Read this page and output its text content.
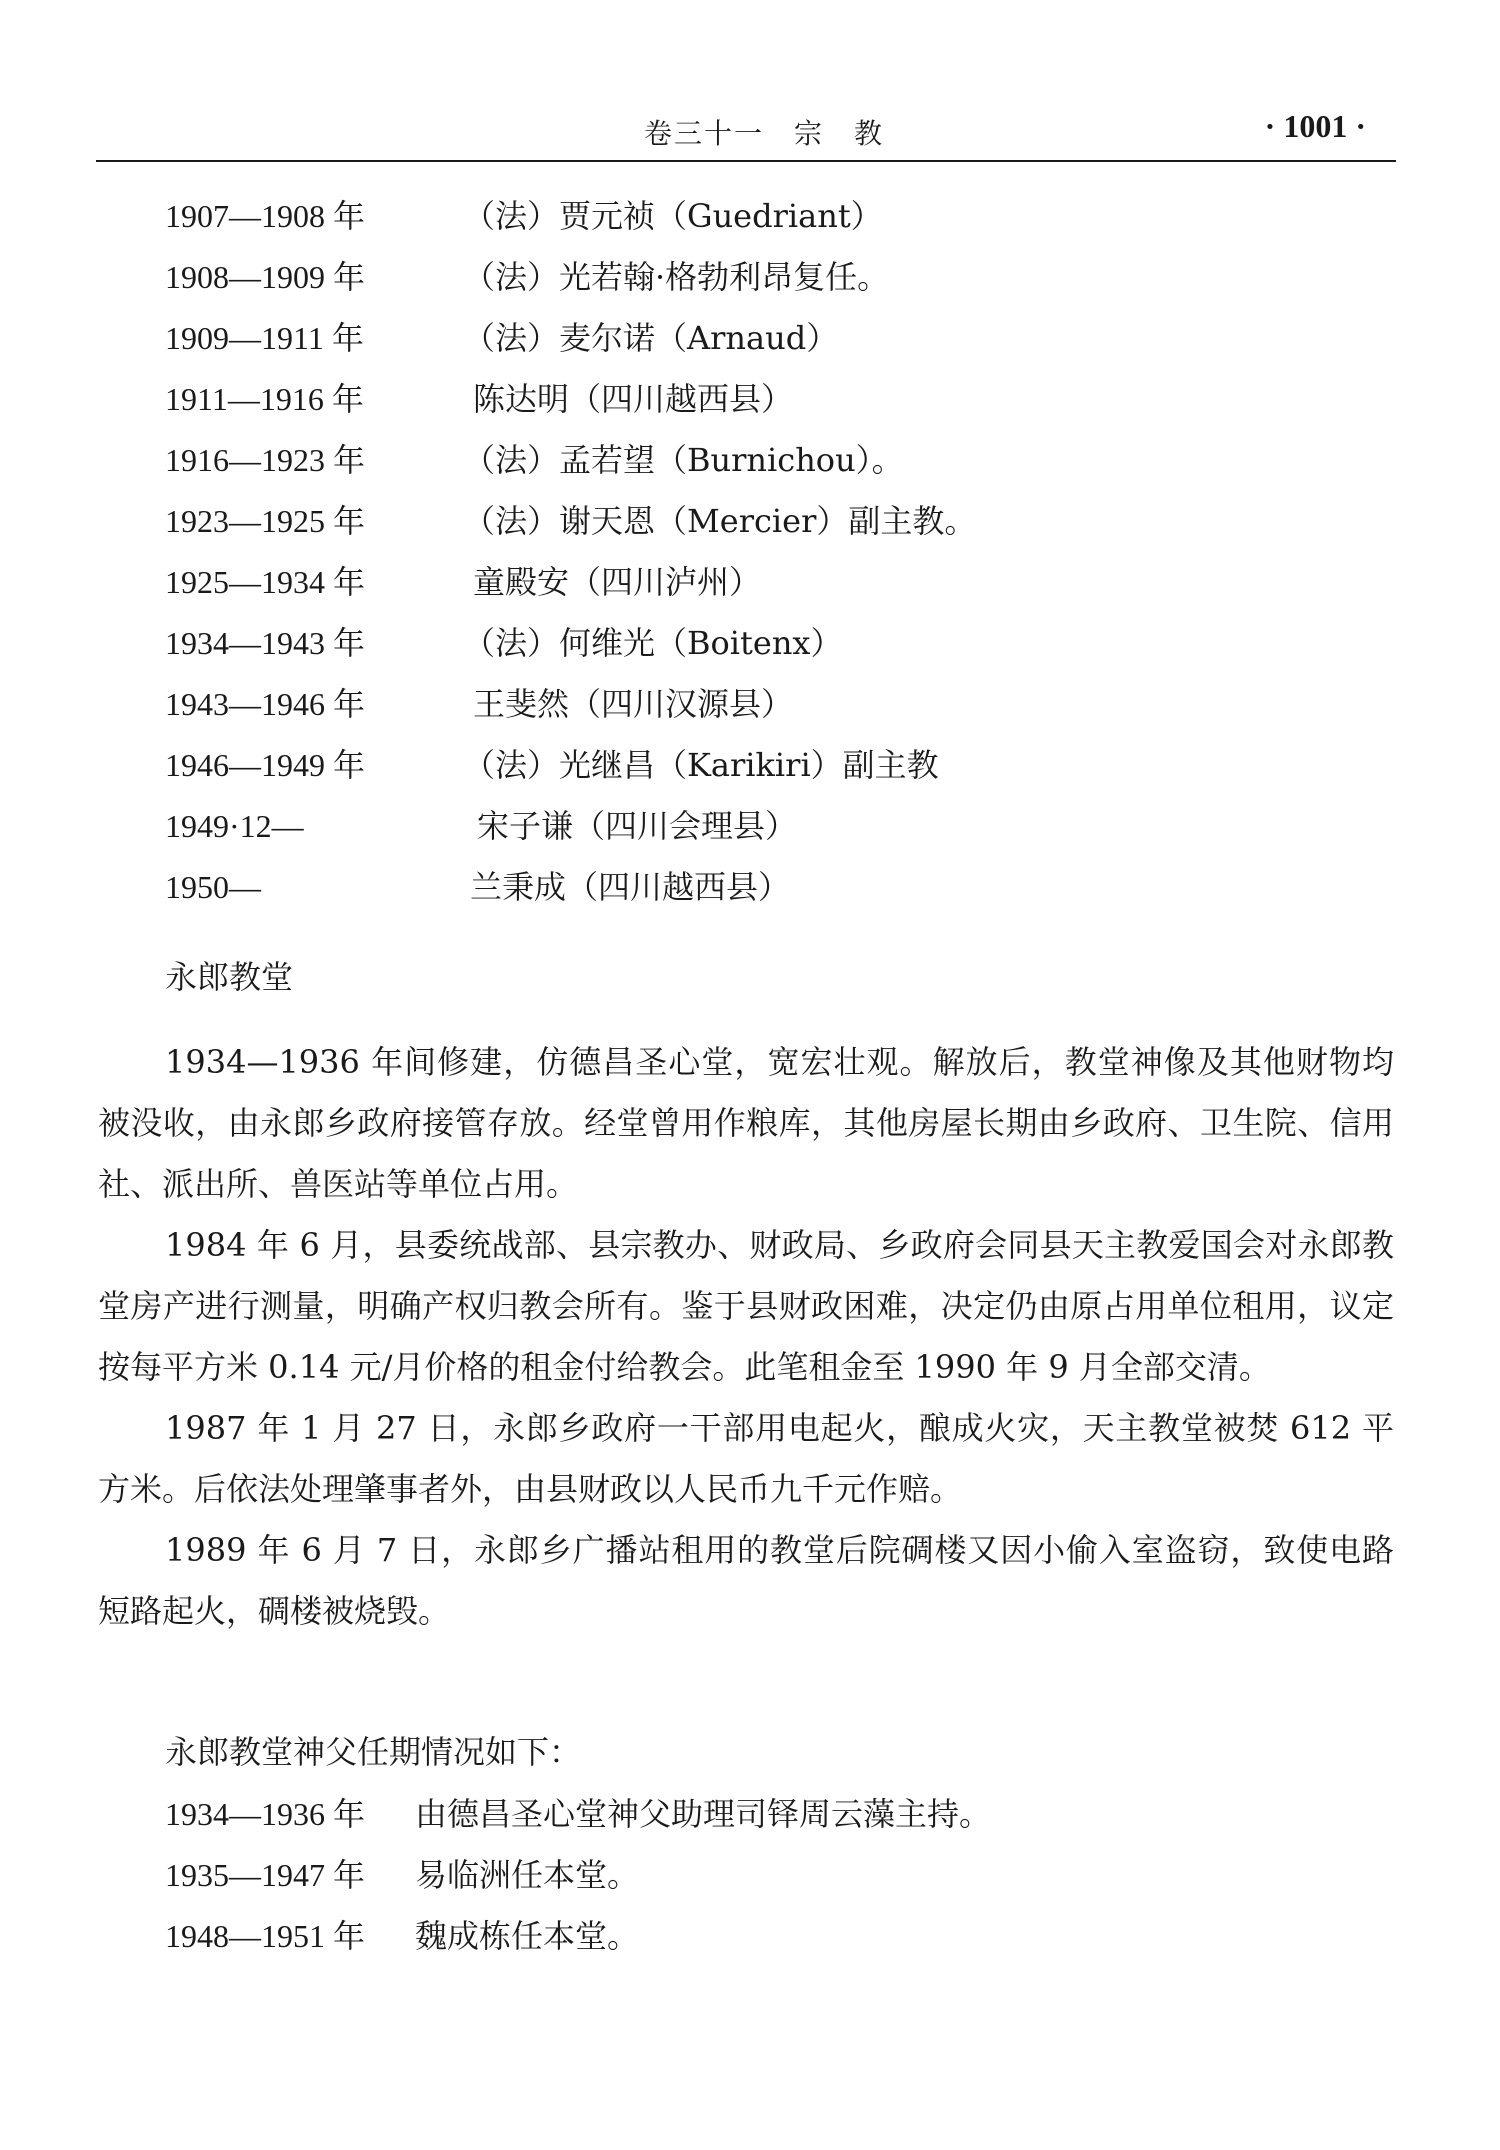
卷三十一　宗　教	· 1001 ·
1907—1908 年	（法）贾元祯（Guedriant）
1908—1909 年	（法）光若翰·格勃利昂复任。
1909—1911 年	（法）麦尔诺（Arnaud）
1911—1916 年	陈达明（四川越西县）
1916—1923 年	（法）孟若望（Burnichou）。
1923—1925 年	（法）谢天恩（Mercier）副主教。
1925—1934 年	童殿安（四川泸州）
1934—1943 年	（法）何维光（Boitenx）
1943—1946 年	王斐然（四川汉源县）
1946—1949 年	（法）光继昌（Karikiri）副主教
1949·12—	宋子谦（四川会理县）
1950—	兰秉成（四川越西县）
永郎教堂

1934—1936 年间修建，仿德昌圣心堂，宽宏壮观。解放后，教堂神像及其他财物均被没收，由永郎乡政府接管存放。经堂曾用作粮库，其他房屋长期由乡政府、卫生院、信用社、派出所、兽医站等单位占用。

1984 年 6 月，县委统战部、县宗教办、财政局、乡政府会同县天主教爱国会对永郎教堂房产进行测量，明确产权归教会所有。鉴于县财政困难，决定仍由原占用单位租用，议定按每平方米 0.14 元/月价格的租金付给教会。此笔租金至 1990 年 9 月全部交清。

1987 年 1 月 27 日，永郎乡政府一干部用电起火，酿成火灾，天主教堂被焚 612 平方米。后依法处理肇事者外，由县财政以人民币九千元作赔。

1989 年 6 月 7 日，永郎乡广播站租用的教堂后院碉楼又因小偷入室盗窃，致使电路短路起火，碉楼被烧毁。

永郎教堂神父任期情况如下：
1934—1936 年 由德昌圣心堂神父助理司铎周云藻主持。
1935—1947 年 易临洲任本堂。
1948—1951 年 魏成栋任本堂。
